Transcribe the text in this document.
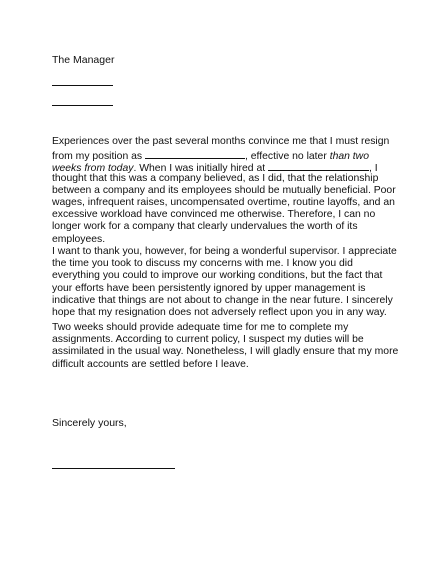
The Manager
Experiences over the past several months convince me that I must resign
from my position as	, effective no later than two
weeks from today. When I was initially hired at	, I
thought that this was a company believed, as I did, that the relationship
between a company and its employees should be mutually beneficial. Poor
wages, infrequent raises, uncompensated overtime, routine layoffs, and an
excessive workload have convinced me otherwise. Therefore, I can no
longer work for a company that clearly undervalues the worth of its
employees.
I want to thank you, however, for being a wonderful supervisor. I appreciate
the time you took to discuss my concerns with me. I know you did
everything you could to improve our working conditions, but the fact that
your efforts have been persistently ignored by upper management is
indicative that things are not about to change in the near future. I sincerely
hope that my resignation does not adversely reflect upon you in any way.
Two weeks should provide adequate time for me to complete my
assignments. According to current policy, I suspect my duties will be
assimilated in the usual way. Nonetheless, I will gladly ensure that my more
difficult accounts are settled before I leave.
Sincerely yours,
